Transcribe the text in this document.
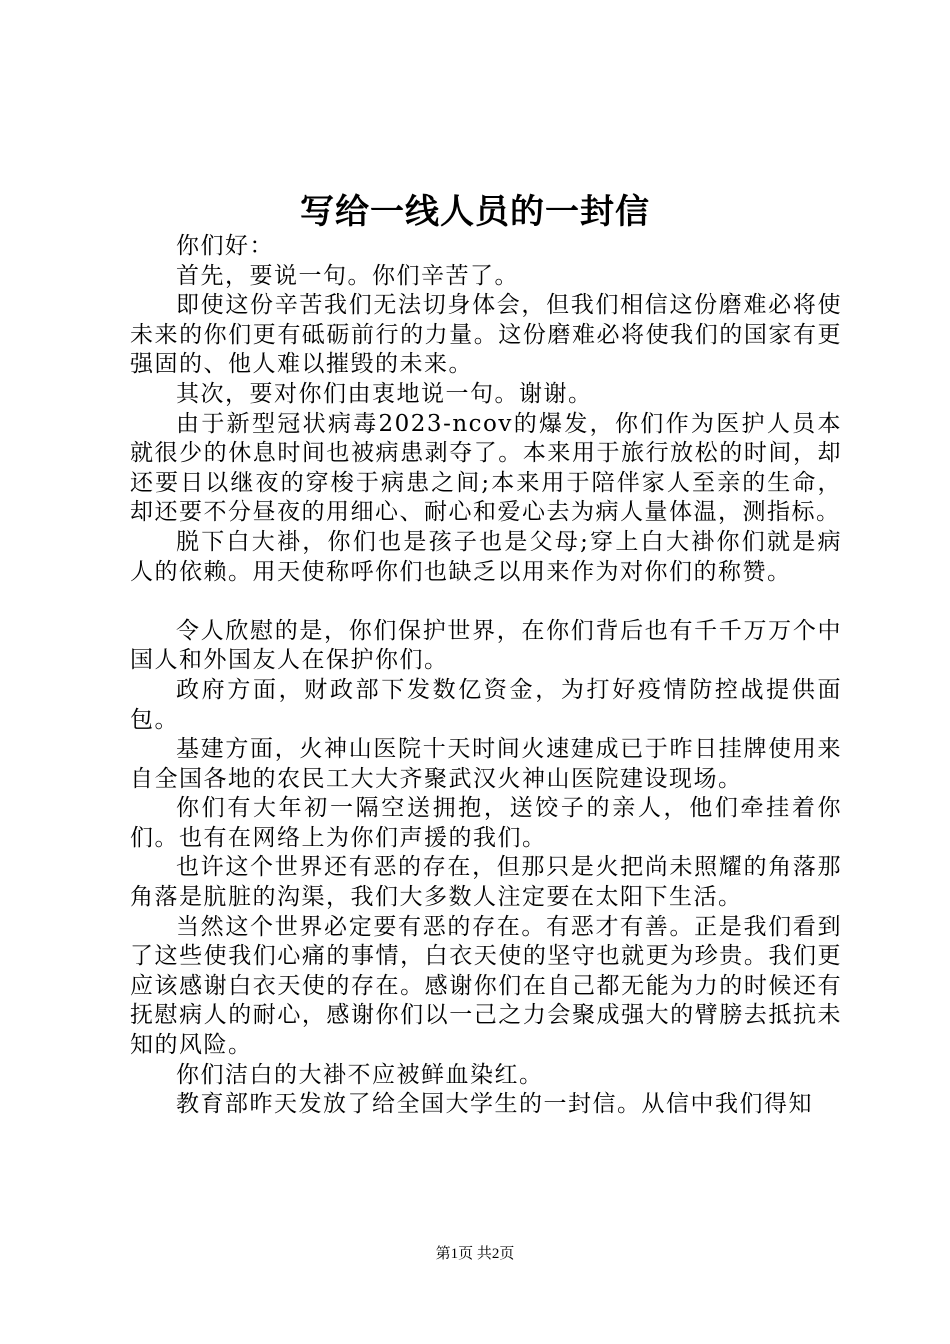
写给一线人员的一封信

你们好：

首先，要说一句。你们辛苦了。

即使这份辛苦我们无法切身体会，但我们相信这份磨难必将使未来的你们更有砥砺前行的力量。这份磨难必将使我们的国家有更强固的、他人难以摧毁的未来。

其次，要对你们由衷地说一句。谢谢。

由于新型冠状病毒2023-ncov的爆发，你们作为医护人员本就很少的休息时间也被病患剥夺了。本来用于旅行放松的时间，却还要日以继夜的穿梭于病患之间;本来用于陪伴家人至亲的生命，却还要不分昼夜的用细心、耐心和爱心去为病人量体温，测指标。

脱下白大褂，你们也是孩子也是父母;穿上白大褂你们就是病人的依赖。用天使称呼你们也缺乏以用来作为对你们的称赞。

令人欣慰的是，你们保护世界，在你们背后也有千千万万个中国人和外国友人在保护你们。

政府方面，财政部下发数亿资金，为打好疫情防控战提供面包。

基建方面，火神山医院十天时间火速建成已于昨日挂牌使用来自全国各地的农民工大大齐聚武汉火神山医院建设现场。

你们有大年初一隔空送拥抱，送饺子的亲人，他们牵挂着你们。也有在网络上为你们声援的我们。

也许这个世界还有恶的存在，但那只是火把尚未照耀的角落那角落是肮脏的沟渠，我们大多数人注定要在太阳下生活。

当然这个世界必定要有恶的存在。有恶才有善。正是我们看到了这些使我们心痛的事情，白衣天使的坚守也就更为珍贵。我们更应该感谢白衣天使的存在。感谢你们在自己都无能为力的时候还有抚慰病人的耐心，感谢你们以一己之力会聚成强大的臂膀去抵抗未知的风险。

你们洁白的大褂不应被鲜血染红。

教育部昨天发放了给全国大学生的一封信。从信中我们得知

第1页 共2页
